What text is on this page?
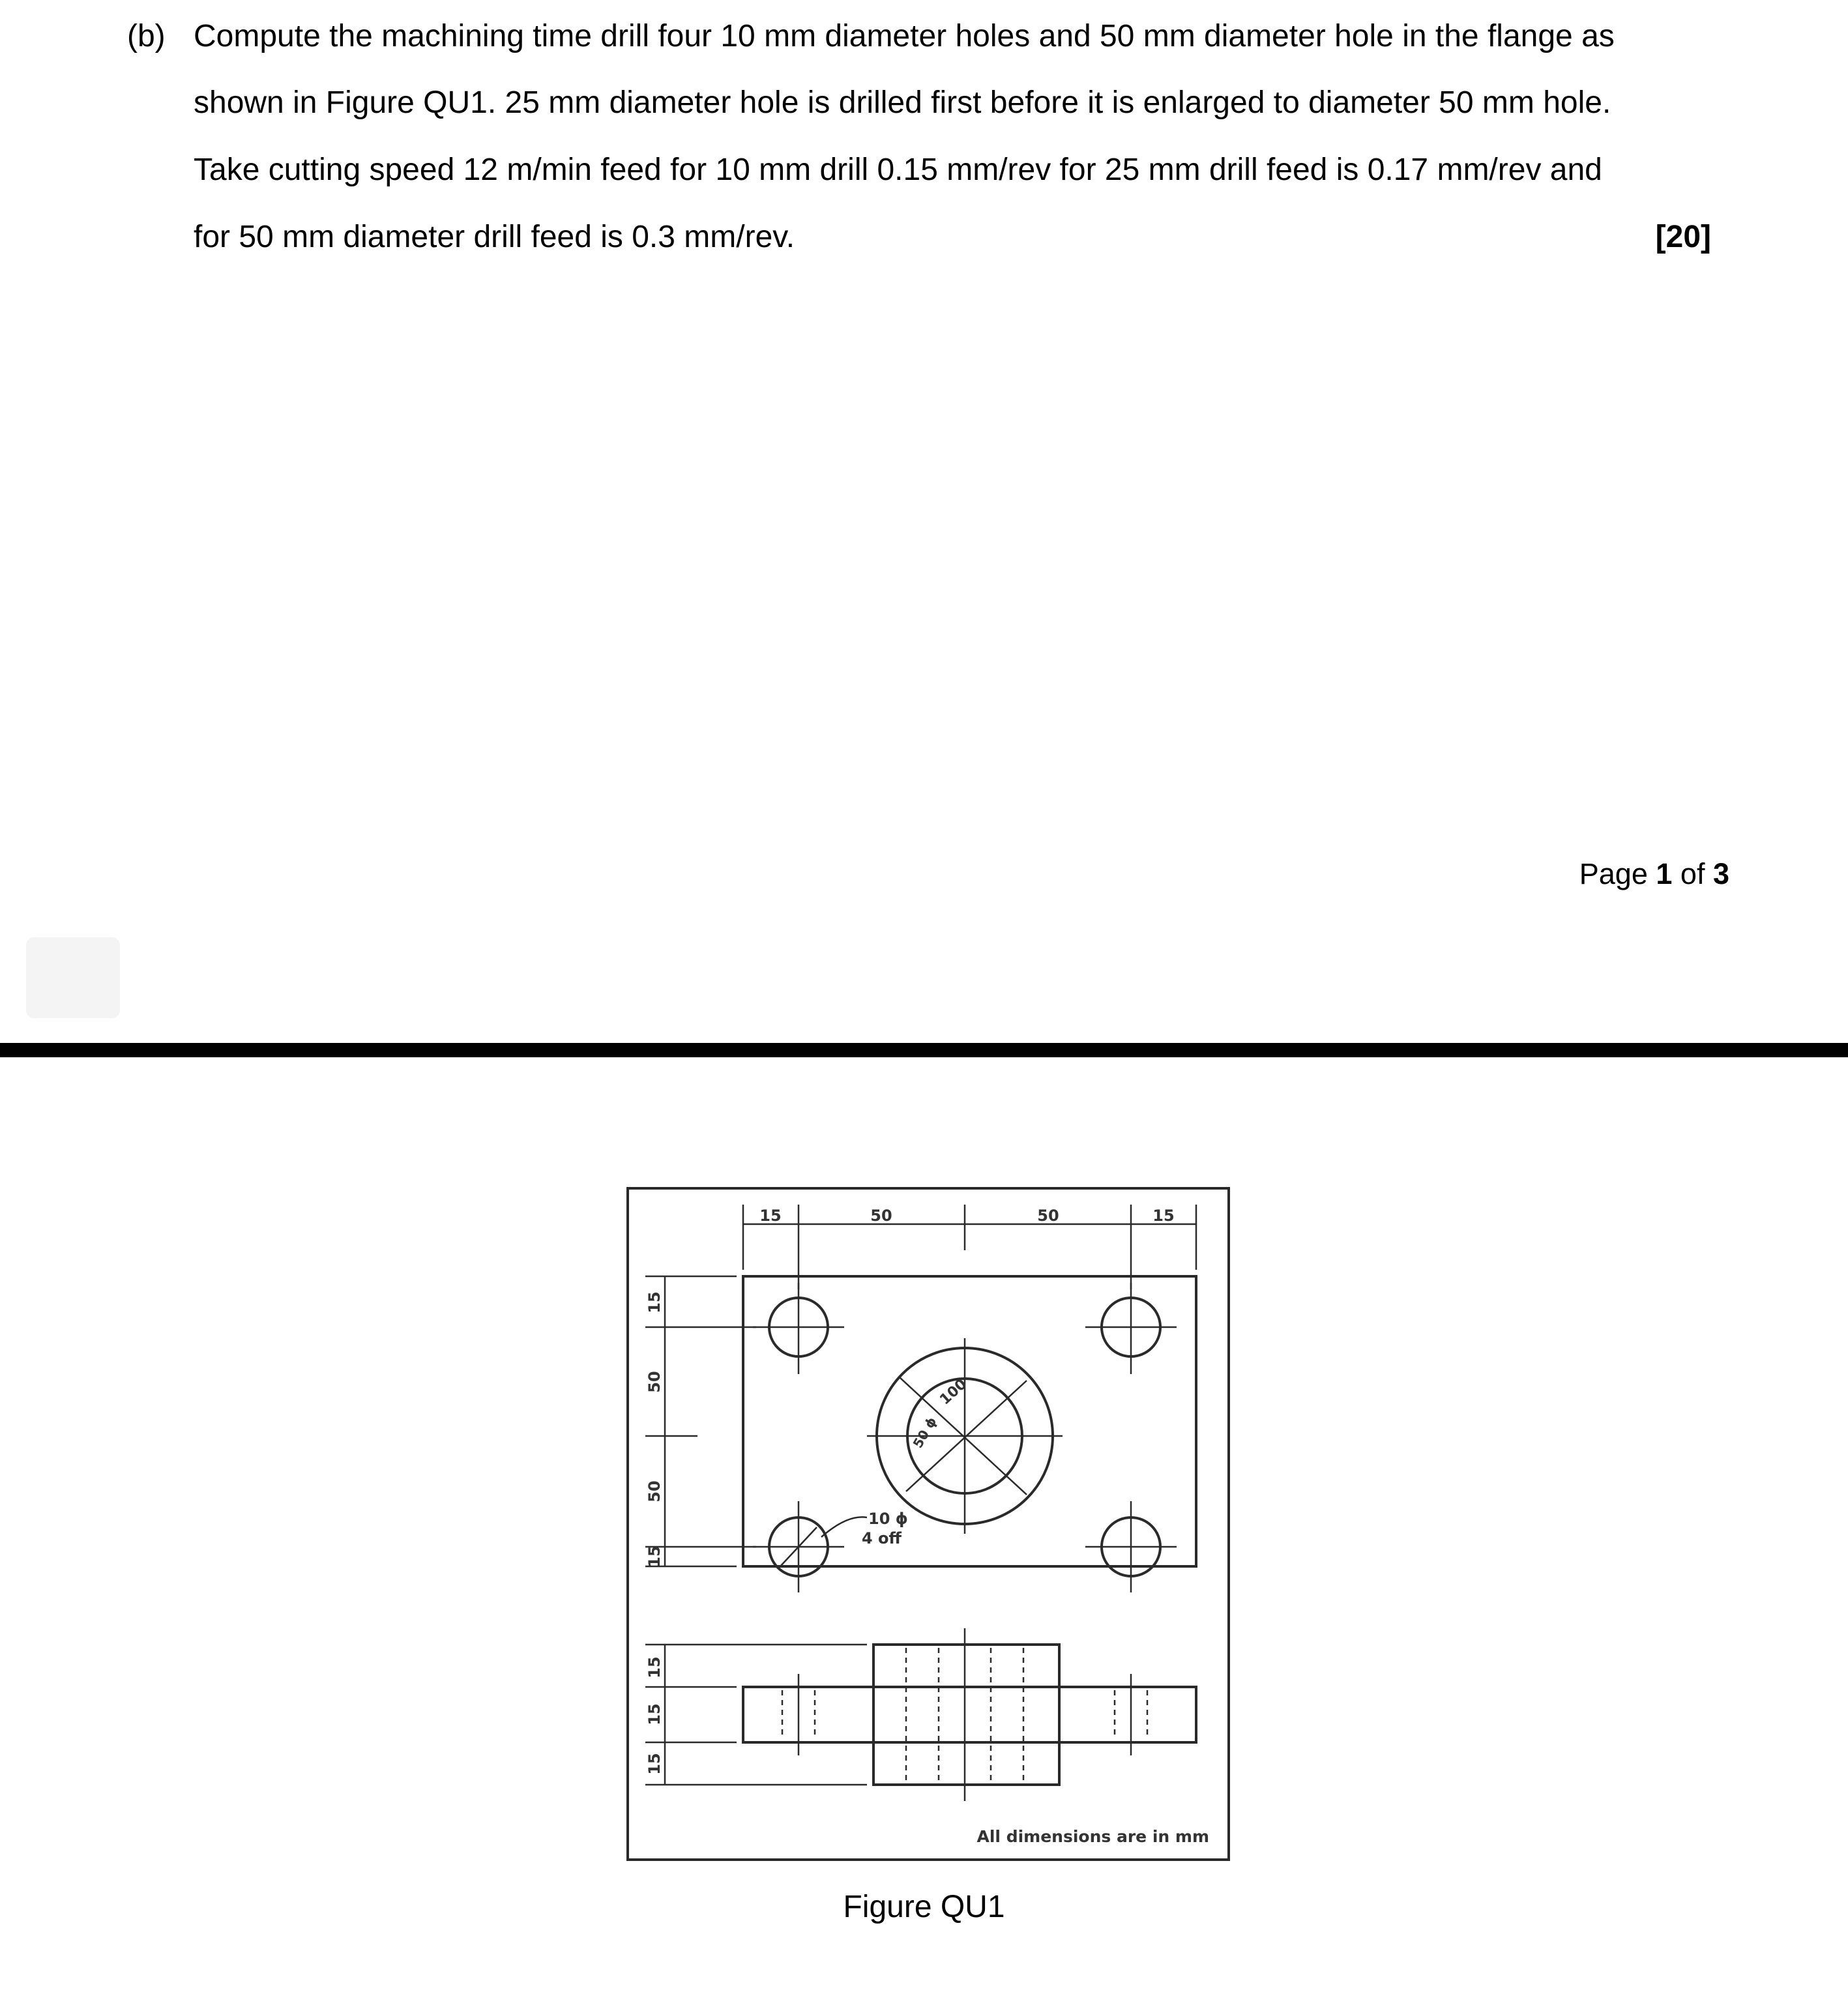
(b) Compute the machining time drill four 10 mm diameter holes and 50 mm diameter hole in the flange as
shown in Figure QU1. 25 mm diameter hole is drilled first before it is enlarged to diameter 50 mm hole.
Take cutting speed 12 m/min feed for 10 mm drill 0.15 mm/rev for 25 mm drill feed is 0.17 mm/rev and
for 50 mm diameter drill feed is 0.3 mm/rev.	[20]
Page 1 of 3
15	50	50	15
15
50
50
15
15
15
15
10 ϕ
4 off
100
50 ϕ
All dimensions are in mm
Figure QU1
